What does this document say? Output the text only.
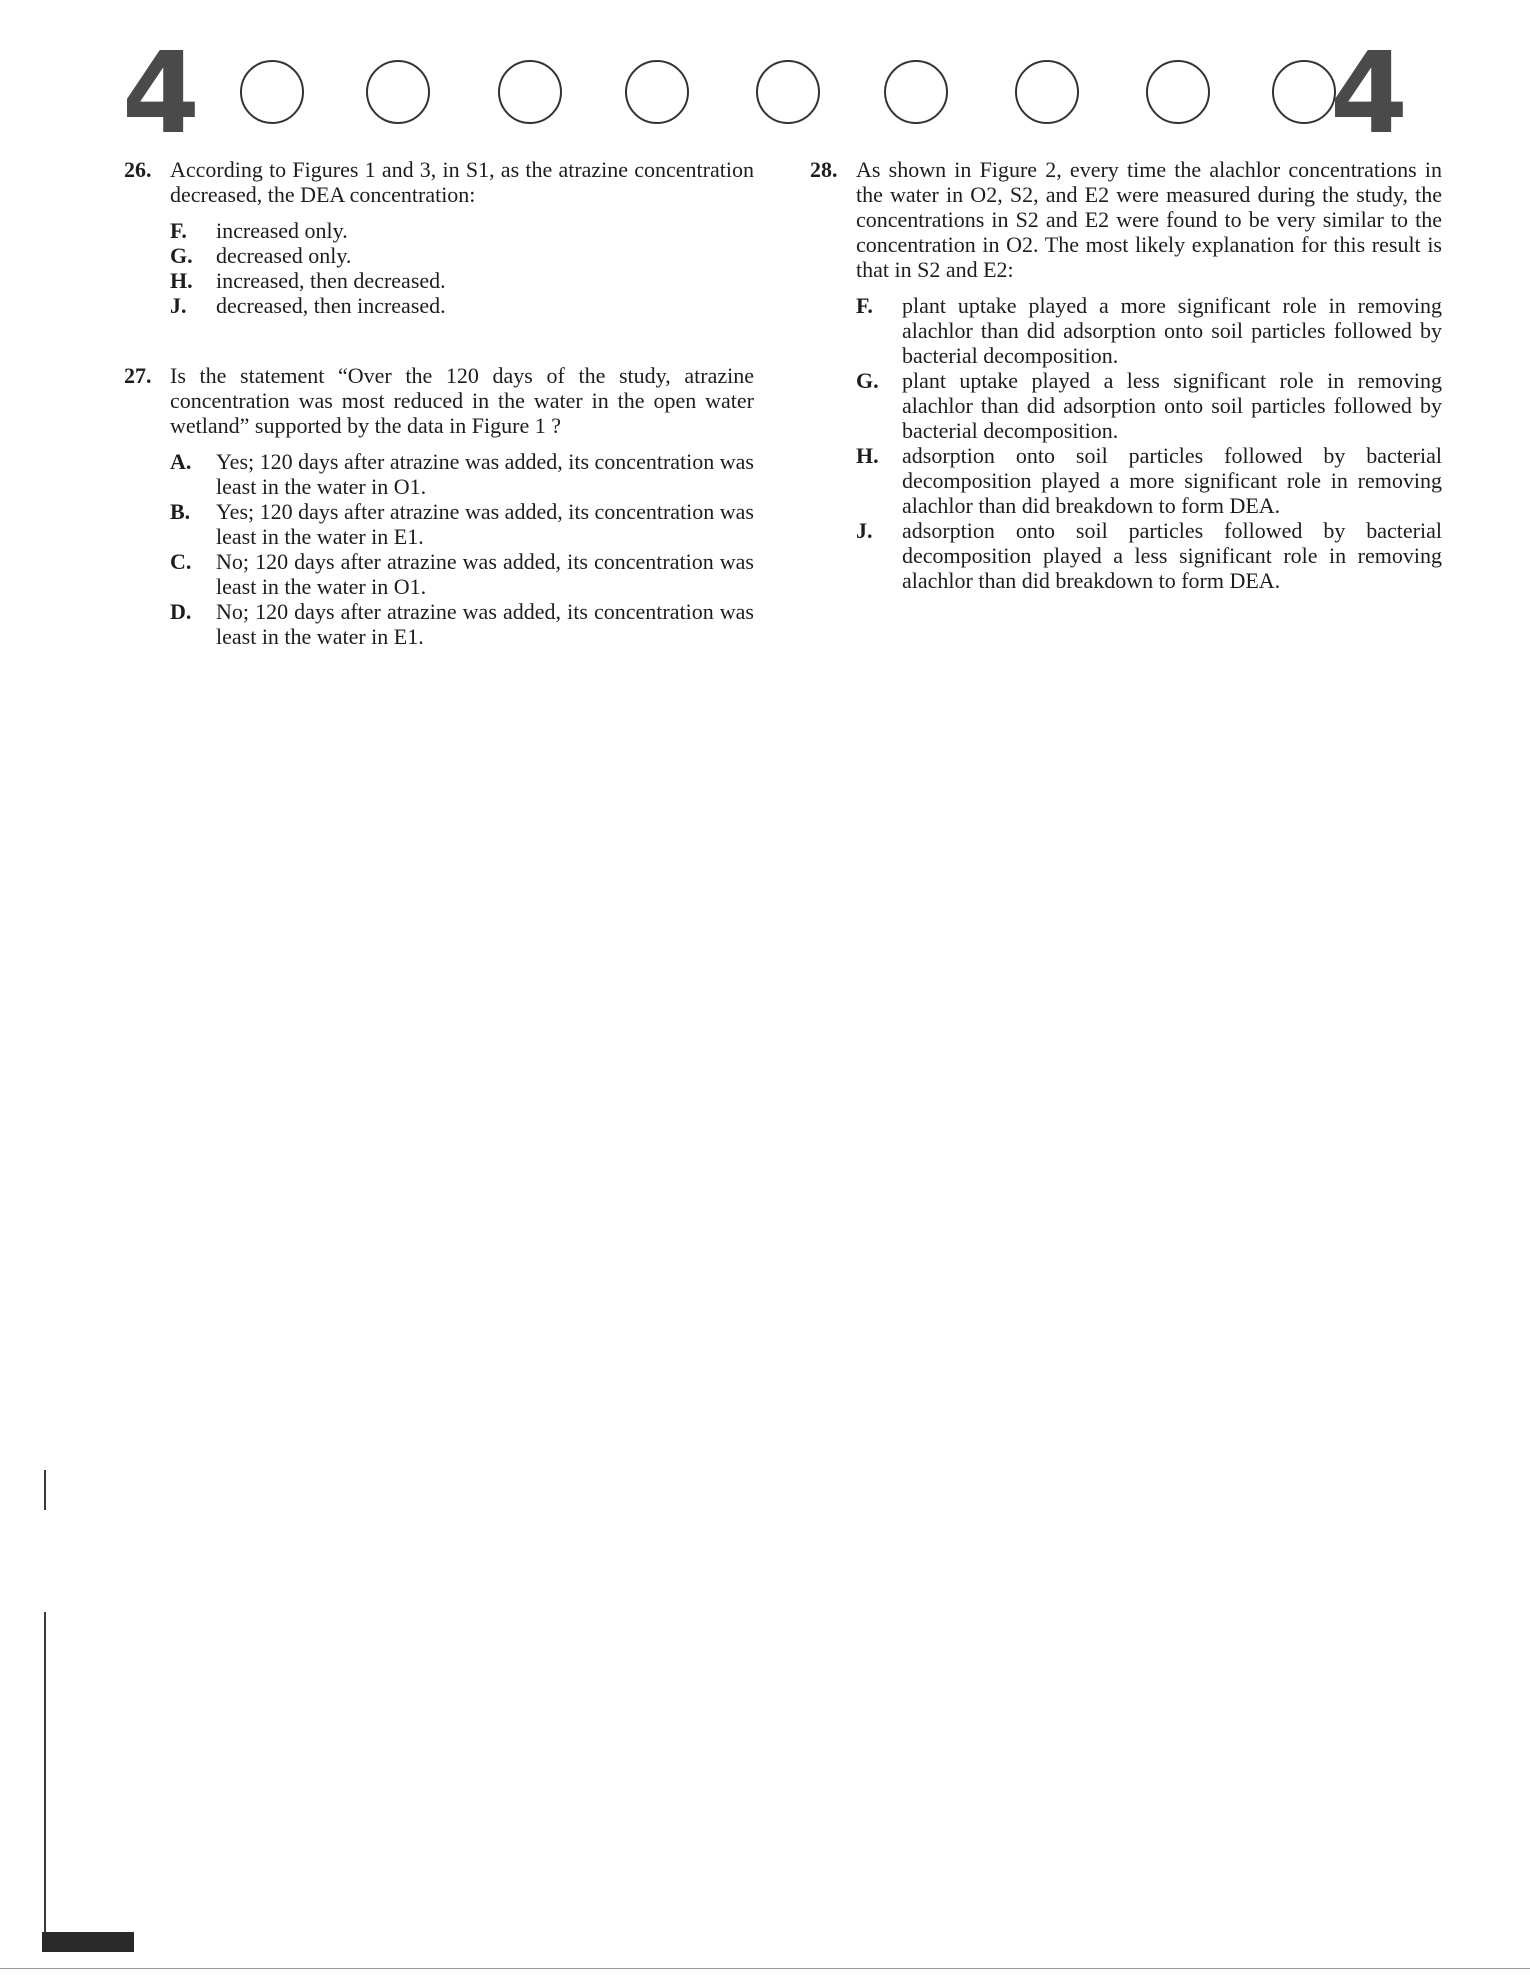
4	4
26. According to Figures 1 and 3, in S1, as the atrazine concentration decreased, the DEA concentration:
F. increased only.
G. decreased only.
H. increased, then decreased.
J. decreased, then increased.
27. Is the statement “Over the 120 days of the study, atrazine concentration was most reduced in the water in the open water wetland” supported by the data in Figure 1 ?
A. Yes; 120 days after atrazine was added, its concentration was least in the water in O1.
B. Yes; 120 days after atrazine was added, its concentration was least in the water in E1.
C. No; 120 days after atrazine was added, its concentration was least in the water in O1.
D. No; 120 days after atrazine was added, its concentration was least in the water in E1.
28. As shown in Figure 2, every time the alachlor concentrations in the water in O2, S2, and E2 were measured during the study, the concentrations in S2 and E2 were found to be very similar to the concentration in O2. The most likely explanation for this result is that in S2 and E2:
F. plant uptake played a more significant role in removing alachlor than did adsorption onto soil particles followed by bacterial decomposition.
G. plant uptake played a less significant role in removing alachlor than did adsorption onto soil particles followed by bacterial decomposition.
H. adsorption onto soil particles followed by bacterial decomposition played a more significant role in removing alachlor than did breakdown to form DEA.
J. adsorption onto soil particles followed by bacterial decomposition played a less significant role in removing alachlor than did breakdown to form DEA.
